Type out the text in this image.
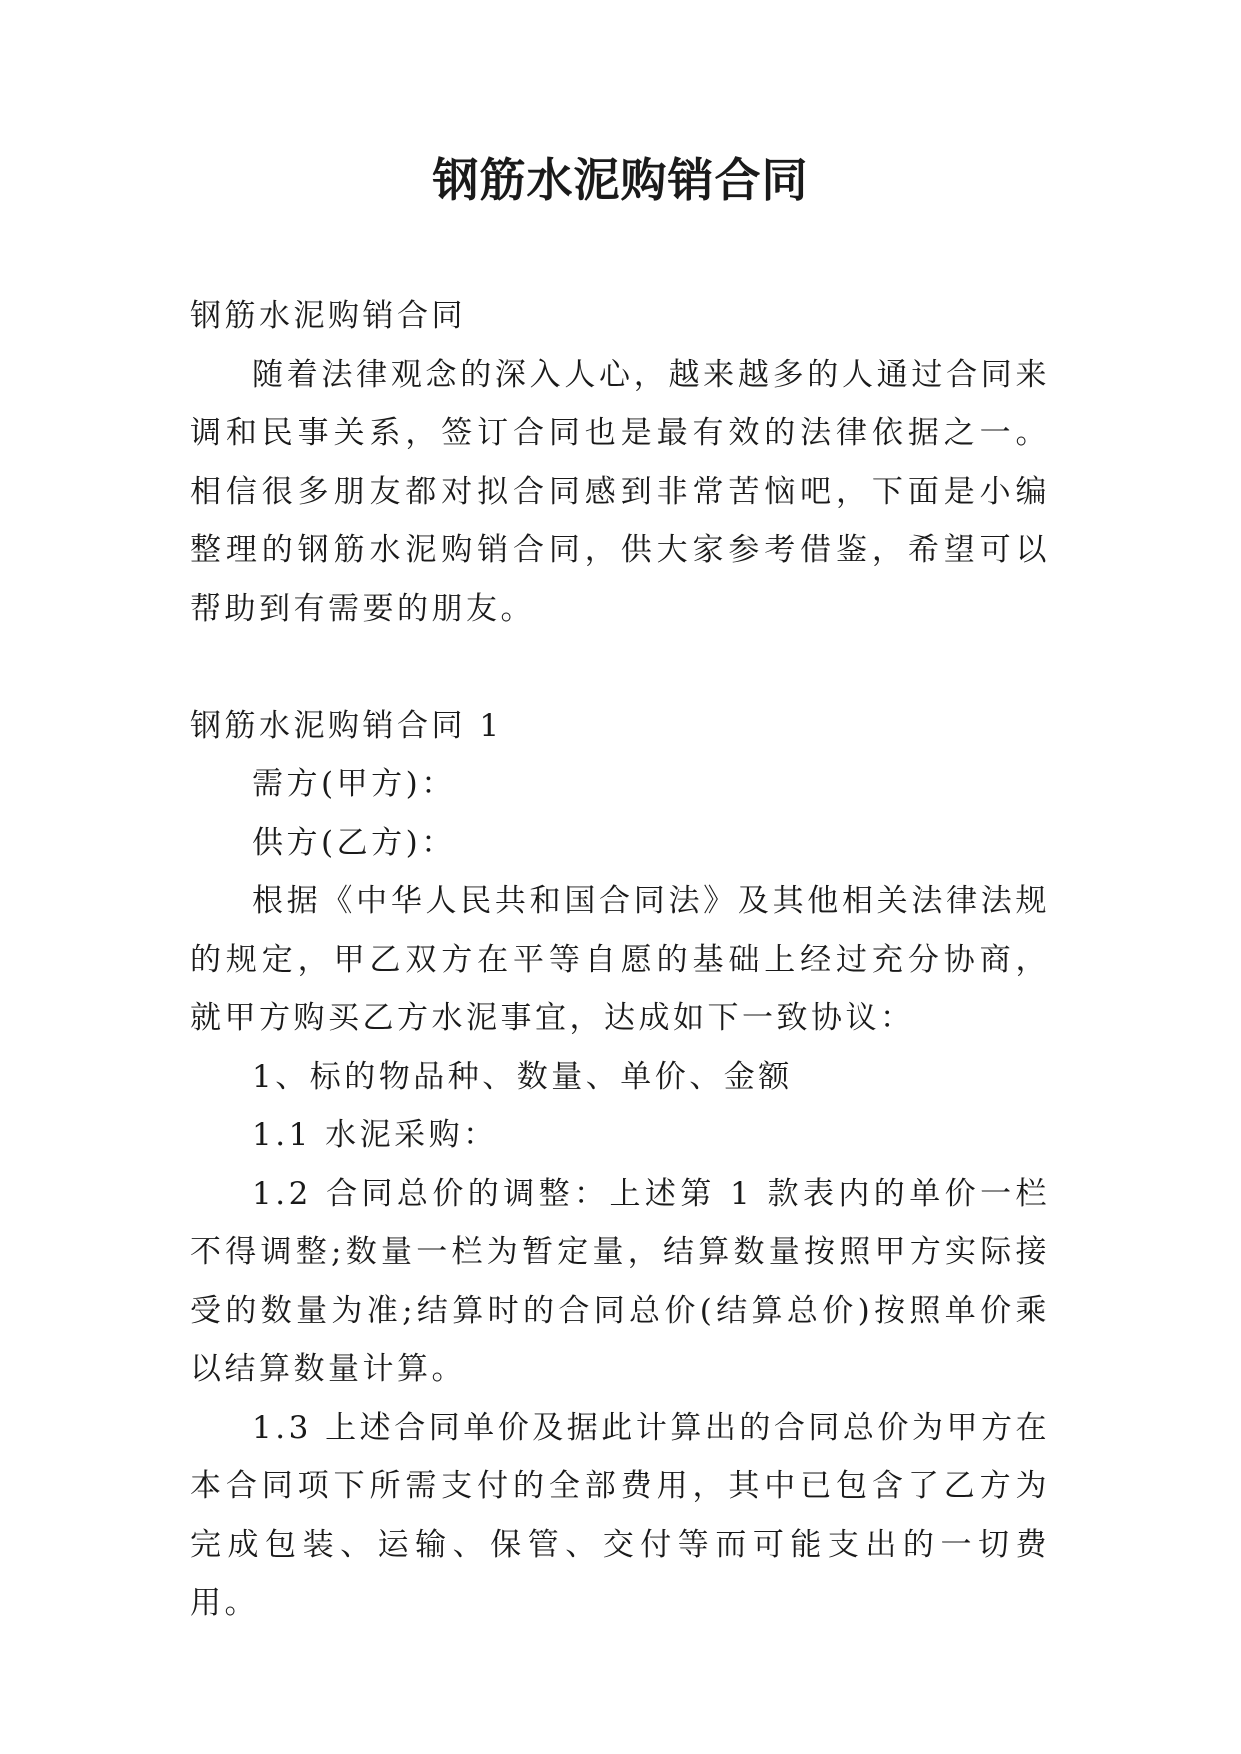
钢筋水泥购销合同

钢筋水泥购销合同

随着法律观念的深入人心，越来越多的人通过合同来调和民事关系，签订合同也是最有效的法律依据之一。相信很多朋友都对拟合同感到非常苦恼吧，下面是小编整理的钢筋水泥购销合同，供大家参考借鉴，希望可以帮助到有需要的朋友。

钢筋水泥购销合同 1

需方(甲方)：

供方(乙方)：

根据《中华人民共和国合同法》及其他相关法律法规的规定，甲乙双方在平等自愿的基础上经过充分协商，就甲方购买乙方水泥事宜，达成如下一致协议：

1、标的物品种、数量、单价、金额

1.1 水泥采购：

1.2 合同总价的调整：上述第 1 款表内的单价一栏不得调整;数量一栏为暂定量，结算数量按照甲方实际接受的数量为准;结算时的合同总价(结算总价)按照单价乘以结算数量计算。

1.3 上述合同单价及据此计算出的合同总价为甲方在本合同项下所需支付的全部费用，其中已包含了乙方为完成包装、运输、保管、交付等而可能支出的一切费用。
